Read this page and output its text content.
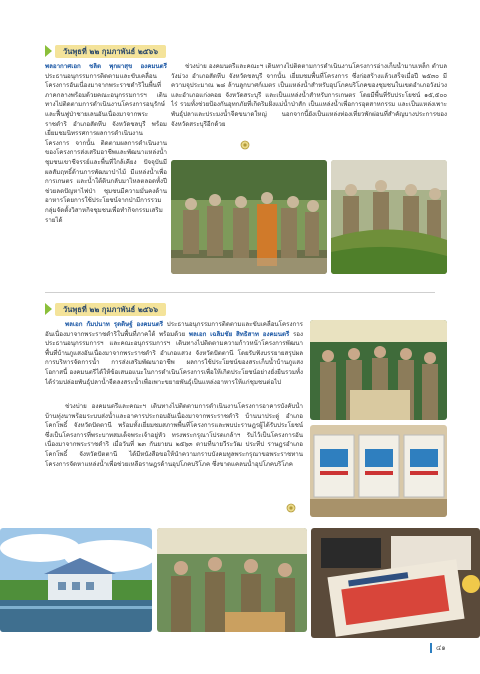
วันพุธที่ ๒๒ กุมภาพันธ์ ๒๕๖๖
พลอากาศเอก ชลิต พุกผาสุข องคมนตรี ประธานอนุกรรมการติดตามและขับเคลื่อนโครงการอันเนื่องมาจากพระราชดำริในพื้นที่ภาคกลางพร้อมด้วยคณะอนุกรรมการฯ เดินทางไปติดตามการดำเนินงานโครงการอนุรักษ์และฟื้นฟูป่าชายเลนอันเนื่องมาจากพระราชดำริ อำเภอสัตหีบ จังหวัดชลบุรี พร้อมเยี่ยมชมนิทรรศการผลการดำเนินงานโครงการ จากนั้น ติดตามผลการดำเนินงานของโครงการส่งเสริมอาชีพและพัฒนาแหล่งน้ำชุมชนเขาชีจรรย์และพื้นที่ใกล้เคียง ปัจจุบันมีผลสัมฤทธิ์ด้านการพัฒนาป่าไม้ มีแหล่งน้ำเพื่อการเกษตร และน้ำใต้ดินกลับมาไหลตลอดทั้งปี ช่วยลดปัญหาไฟป่า ชุมชนมีความมั่นคงด้านอาหารโดยการใช้ประโยชน์จากป่ามีการรวมกลุ่มจัดตั้งวิสาหกิจชุมชนเพื่อทำกิจกรรมเสริมรายได้
ช่วงบ่าย องคมนตรีและคณะฯ เดินทางไปติดตามการดำเนินงานโครงการอ่างเก็บน้ำมาบเหล็ก ตำบลวังม่วง อำเภอสัตหีบ จังหวัดชลบุรี จากนั้น เยี่ยมชมพื้นที่โครงการ ซึ่งก่อสร้างแล้วเสร็จเมื่อปี ๒๕๓๐ มีความจุประมาณ ๒๘ ล้านลูกบาศก์เมตร เป็นแหล่งน้ำสำหรับอุปโภคบริโภคของชุมชนในเขตอำเภอวังม่วงและอำเภอแก่งคอย จังหวัดสระบุรี และเป็นแหล่งน้ำสำหรับการเกษตร โดยมีพื้นที่รับประโยชน์ ๑๕,๕๐๐ ไร่ รวมทั้งช่วยป้องกันอุทกภัยที่เกิดริมฝั่งแม่น้ำป่าสัก เป็นแหล่งน้ำเพื่อการอุตสาหกรรม และเป็นแหล่งเพาะพันธุ์ปลาและประมงน้ำจืดขนาดใหญ่ นอกจากนี้ยังเป็นแหล่งท่องเที่ยวพักผ่อนที่สำคัญบางประการของจังหวัดสระบุรีอีกด้วย
วันพุธที่ ๒๒ กุมภาพันธ์ ๒๕๖๖
พลเอก กัมปนาท รุดดิษฐ์ องคมนตรี ประธานอนุกรรมการติดตามและขับเคลื่อนโครงการอันเนื่องมาจากพระราชดำริในพื้นที่ภาคใต้ พร้อมด้วย พลเอก เฉลิมชัย สิทธิสาท องคมนตรี รองประธานอนุกรรมการฯ และคณะอนุกรรมการฯ เดินทางไปติดตามความก้าวหน้าโครงการพัฒนาพื้นที่บ้านภูแสงอันเนื่องมาจากพระราชดำริ อำเภอแสวง จังหวัดปัตตานี โดยรับฟังบรรยายสรุปผลการบริหารจัดการน้ำ การส่งเสริมพัฒนาอาชีพ ผลการใช้ประโยชน์ของสระเก็บน้ำบ้านภูแสง โอกาสนี้ องคมนตรีได้ให้ข้อเสนอแนะในการดำเนินโครงการเพื่อให้เกิดประโยชน์อย่างยั่งยืนรวมทั้งได้ร่วมปล่อยพันธุ์ปลาน้ำจืดลงสระน้ำเพื่อเพาะขยายพันธุ์เป็นแหล่งอาหารให้แก่ชุมชนต่อไป
ช่วงบ่าย องคมนตรีและคณะฯ เดินทางไปติดตามการดำเนินงานโครงการอาคารบังคับน้ำบ้านทุ่งนาพร้อมระบบส่งน้ำและอาคารประกอบอันเนื่องมาจากพระราชดำริ บ้านนาประดู่ อำเภอโคกโพธิ์ จังหวัดปัตตานี พร้อมทั้งเยี่ยมชมสภาพพื้นที่โครงการและพบปะราษฎรผู้ได้รับประโยชน์ ซึ่งเป็นโครงการที่พระบาทสมเด็จพระเจ้าอยู่หัว ทรงพระกรุณาโปรดเกล้าฯ รับไว้เป็นโครงการอันเนื่องมาจากพระราชดำริ เมื่อวันที่ ๒๓ กันยายน ๒๕๖๓ ตามที่นายวีระวัฒ ประทีป ราษฎรอำเภอโคกโพธิ์ จังหวัดปัตตานี ได้มีหนังสือขอให้นำความกราบบังคมทูลพระกรุณาขอพระราชทานโครงการจัดหาแหล่งน้ำเพื่อช่วยเหลือราษฎรด้านอุปโภคบริโภค ซึ่งขาดแคลนน้ำอุปโภคบริโภค
๔๑
